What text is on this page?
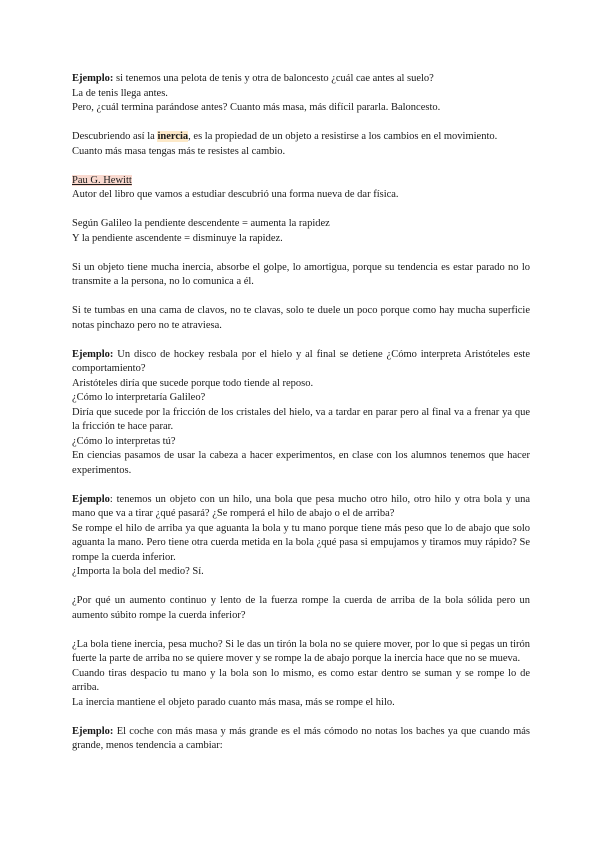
Ejemplo: si tenemos una pelota de tenis y otra de baloncesto ¿cuál cae antes al suelo?

La de tenis llega antes.

Pero, ¿cuál termina parándose antes? Cuanto más masa, más difícil pararla. Baloncesto.

Descubriendo así la inercia, es la propiedad de un objeto a resistirse a los cambios en el movimiento.

Cuanto más masa tengas más te resistes al cambio.

Pau G. Hewitt

Autor del libro que vamos a estudiar descubrió una forma nueva de dar física.

Según Galileo la pendiente descendente = aumenta la rapidez

Y la pendiente ascendente = disminuye la rapidez.

Si un objeto tiene mucha inercia, absorbe el golpe, lo amortigua, porque su tendencia es estar parado no lo transmite a la persona, no lo comunica a él.

Si te tumbas en una cama de clavos, no te clavas, solo te duele un poco porque como hay mucha superficie notas pinchazo pero no te atraviesa.

Ejemplo: Un disco de hockey resbala por el hielo y al final se detiene ¿Cómo interpreta Aristóteles este comportamiento?

Aristóteles diría que sucede porque todo tiende al reposo.

¿Cómo lo interpretaría Galileo?

Diría que sucede por la fricción de los cristales del hielo, va a tardar en parar pero al final va a frenar ya que la fricción te hace parar.

¿Cómo lo interpretas tú?

En ciencias pasamos de usar la cabeza a hacer experimentos, en clase con los alumnos tenemos que hacer experimentos.

Ejemplo: tenemos un objeto con un hilo, una bola que pesa mucho otro hilo, otro hilo y otra bola y una mano que va a tirar ¿qué pasará? ¿Se romperá el hilo de abajo o el de arriba?

Se rompe el hilo de arriba ya que aguanta la bola y tu mano porque tiene más peso que lo de abajo que solo aguanta la mano. Pero tiene otra cuerda metida en la bola ¿qué pasa si empujamos y tiramos muy rápido? Se rompe la cuerda inferior.

¿Importa la bola del medio? Sí.

¿Por qué un aumento continuo y lento de la fuerza rompe la cuerda de arriba de la bola sólida pero un aumento súbito rompe la cuerda inferior?

¿La bola tiene inercia, pesa mucho? Si le das un tirón la bola no se quiere mover, por lo que si pegas un tirón fuerte la parte de arriba no se quiere mover y se rompe la de abajo porque la inercia hace que no se mueva.

Cuando tiras despacio tu mano y la bola son lo mismo, es como estar dentro se suman y se rompe lo de arriba.

La inercia mantiene el objeto parado cuanto más masa, más se rompe el hilo.

Ejemplo: El coche con más masa y más grande es el más cómodo no notas los baches ya que cuando más grande, menos tendencia a cambiar:
